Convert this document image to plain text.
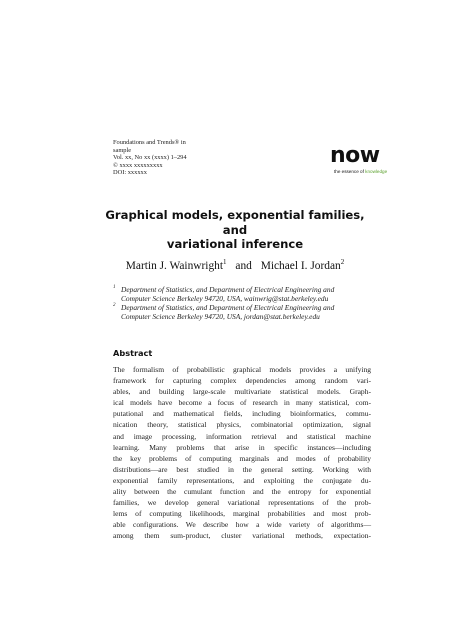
Foundations and Trends® in
sample
Vol. xx, No xx (xxxx) 1–294
© xxxx xxxxxxxxx
DOI: xxxxxx
now
the essence of knowledge
Graphical models, exponential families, and
variational inference
Martin J. Wainwright$^1$ and Michael I. Jordan$^2$
1 Department of Statistics, and Department of Electrical Engineering and
Computer Science Berkeley 94720, USA, wainwrig@stat.berkeley.edu
2 Department of Statistics, and Department of Electrical Engineering and
Computer Science Berkeley 94720, USA, jordan@stat.berkeley.edu
Abstract
The formalism of probabilistic graphical models provides a unifying
framework for capturing complex dependencies among random vari-
ables, and building large-scale multivariate statistical models. Graph-
ical models have become a focus of research in many statistical, com-
putational and mathematical fields, including bioinformatics, commu-
nication theory, statistical physics, combinatorial optimization, signal
and image processing, information retrieval and statistical machine
learning. Many problems that arise in specific instances—including
the key problems of computing marginals and modes of probability
distributions—are best studied in the general setting. Working with
exponential family representations, and exploiting the conjugate du-
ality between the cumulant function and the entropy for exponential
families, we develop general variational representations of the prob-
lems of computing likelihoods, marginal probabilities and most prob-
able configurations. We describe how a wide variety of algorithms—
among them sum-product, cluster variational methods, expectation-
